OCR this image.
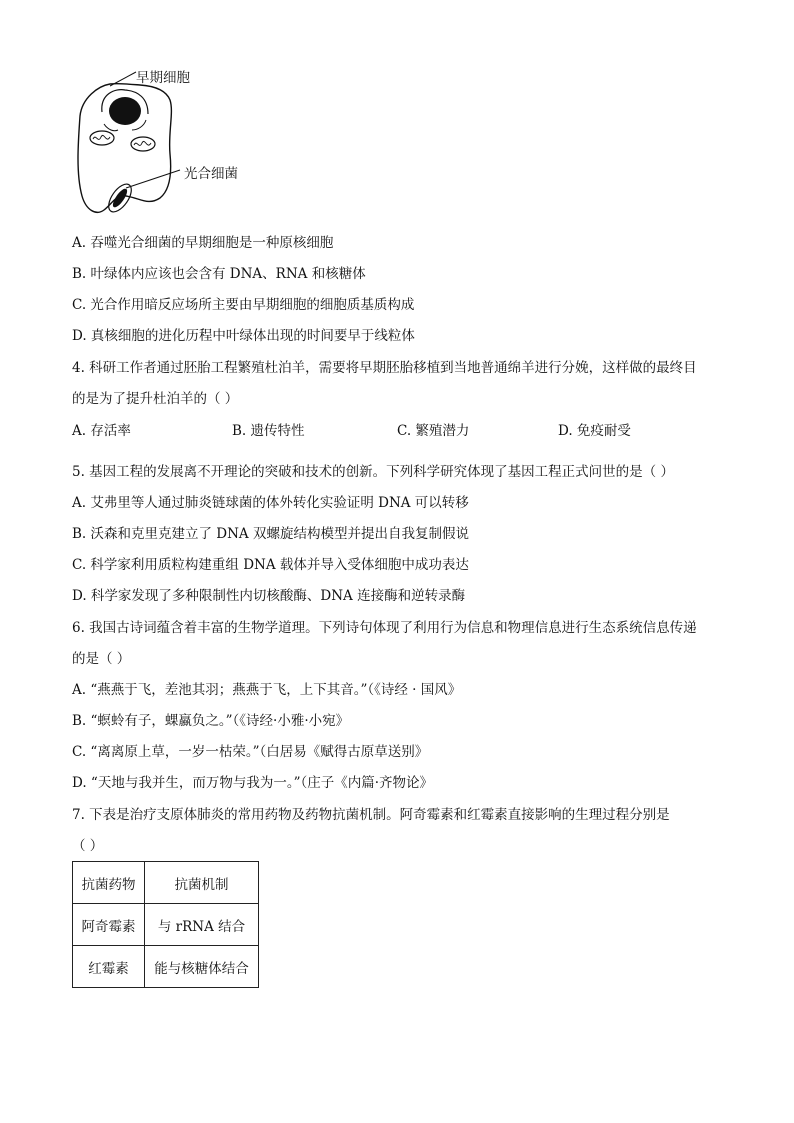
早期细胞
光合细菌
A. 吞噬光合细菌的早期细胞是一种原核细胞
B. 叶绿体内应该也会含有 DNA、RNA 和核糖体
C. 光合作用暗反应场所主要由早期细胞的细胞质基质构成
D. 真核细胞的进化历程中叶绿体出现的时间要早于线粒体
4. 科研工作者通过胚胎工程繁殖杜泊羊，需要将早期胚胎移植到当地普通绵羊进行分娩，这样做的最终目
的是为了提升杜泊羊的（ ）
A. 存活率	B. 遗传特性	C. 繁殖潜力	D. 免疫耐受
5. 基因工程的发展离不开理论的突破和技术的创新。下列科学研究体现了基因工程正式问世的是（ ）
A. 艾弗里等人通过肺炎链球菌的体外转化实验证明 DNA 可以转移
B. 沃森和克里克建立了 DNA 双螺旋结构模型并提出自我复制假说
C. 科学家利用质粒构建重组 DNA 载体并导入受体细胞中成功表达
D. 科学家发现了多种限制性内切核酸酶、DNA 连接酶和逆转录酶
6. 我国古诗词蕴含着丰富的生物学道理。下列诗句体现了利用行为信息和物理信息进行生态系统信息传递
的是（ ）
A. “燕燕于飞，差池其羽；燕燕于飞，上下其音。”（《诗经 · 国风》
B. “螟蛉有子，蜾蠃负之。”（《诗经·小雅·小宛》
C. “离离原上草，一岁一枯荣。”（白居易《赋得古原草送别》
D. “天地与我并生，而万物与我为一。”（庄子《内篇·齐物论》
7. 下表是治疗支原体肺炎的常用药物及药物抗菌机制。阿奇霉素和红霉素直接影响的生理过程分别是
（ ）
抗菌药物	抗菌机制
阿奇霉素	与 rRNA 结合
红霉素	能与核糖体结合
